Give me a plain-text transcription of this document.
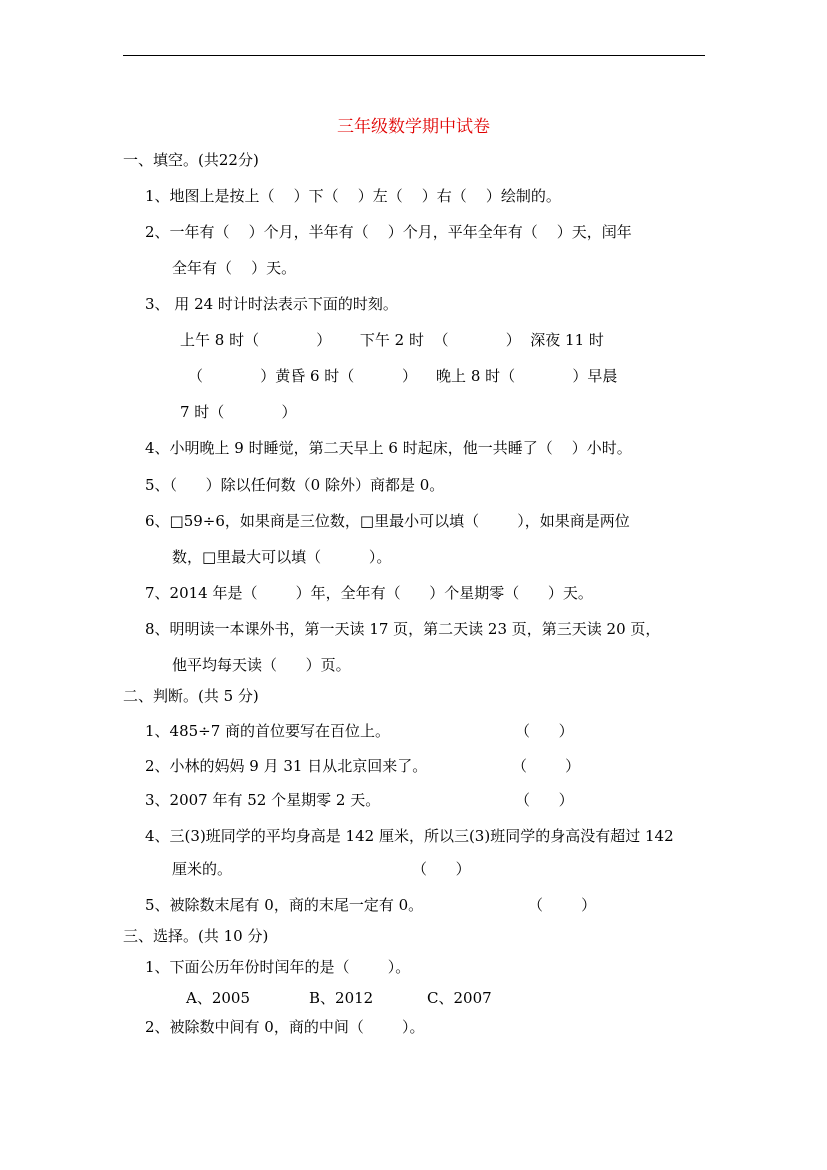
三年级数学期中试卷
一、填空。(共22分)
1、地图上是按上（    ）下（    ）左（    ）右（    ）绘制的。
2、一年有（    ）个月，半年有（    ）个月，平年全年有（    ）天，闰年
全年有（    ）天。
3、 用 24 时计时法表示下面的时刻。
上午 8 时（            ）      下午 2 时  （            ）  深夜 11 时
（            ）黄昏 6 时（          ）    晚上 8 时（            ）早晨
7 时（            ）
4、小明晚上 9 时睡觉，第二天早上 6 时起床，他一共睡了（    ）小时。
5、（      ）除以任何数（0 除外）商都是 0。
6、□59÷6，如果商是三位数，□里最小可以填（        ），如果商是两位
数，□里最大可以填（          ）。
7、2014 年是（        ）年，全年有（      ）个星期零（      ）天。
8、明明读一本课外书，第一天读 17 页，第二天读 23 页，第三天读 20 页，
他平均每天读（      ）页。
二、判断。(共 5 分)
1、485÷7 商的首位要写在百位上。	（      ）
2、小林的妈妈 9 月 31 日从北京回来了。	（        ）
3、2007 年有 52 个星期零 2 天。	（      ）
4、三(3)班同学的平均身高是 142 厘米，所以三(3)班同学的身高没有超过 142
厘米的。	（      ）
5、被除数末尾有 0，商的末尾一定有 0。	（        ）
三、选择。(共 10 分)
1、下面公历年份时闰年的是（        ）。
A、2005	B、2012	C、2007
2、被除数中间有 0，商的中间（        ）。
